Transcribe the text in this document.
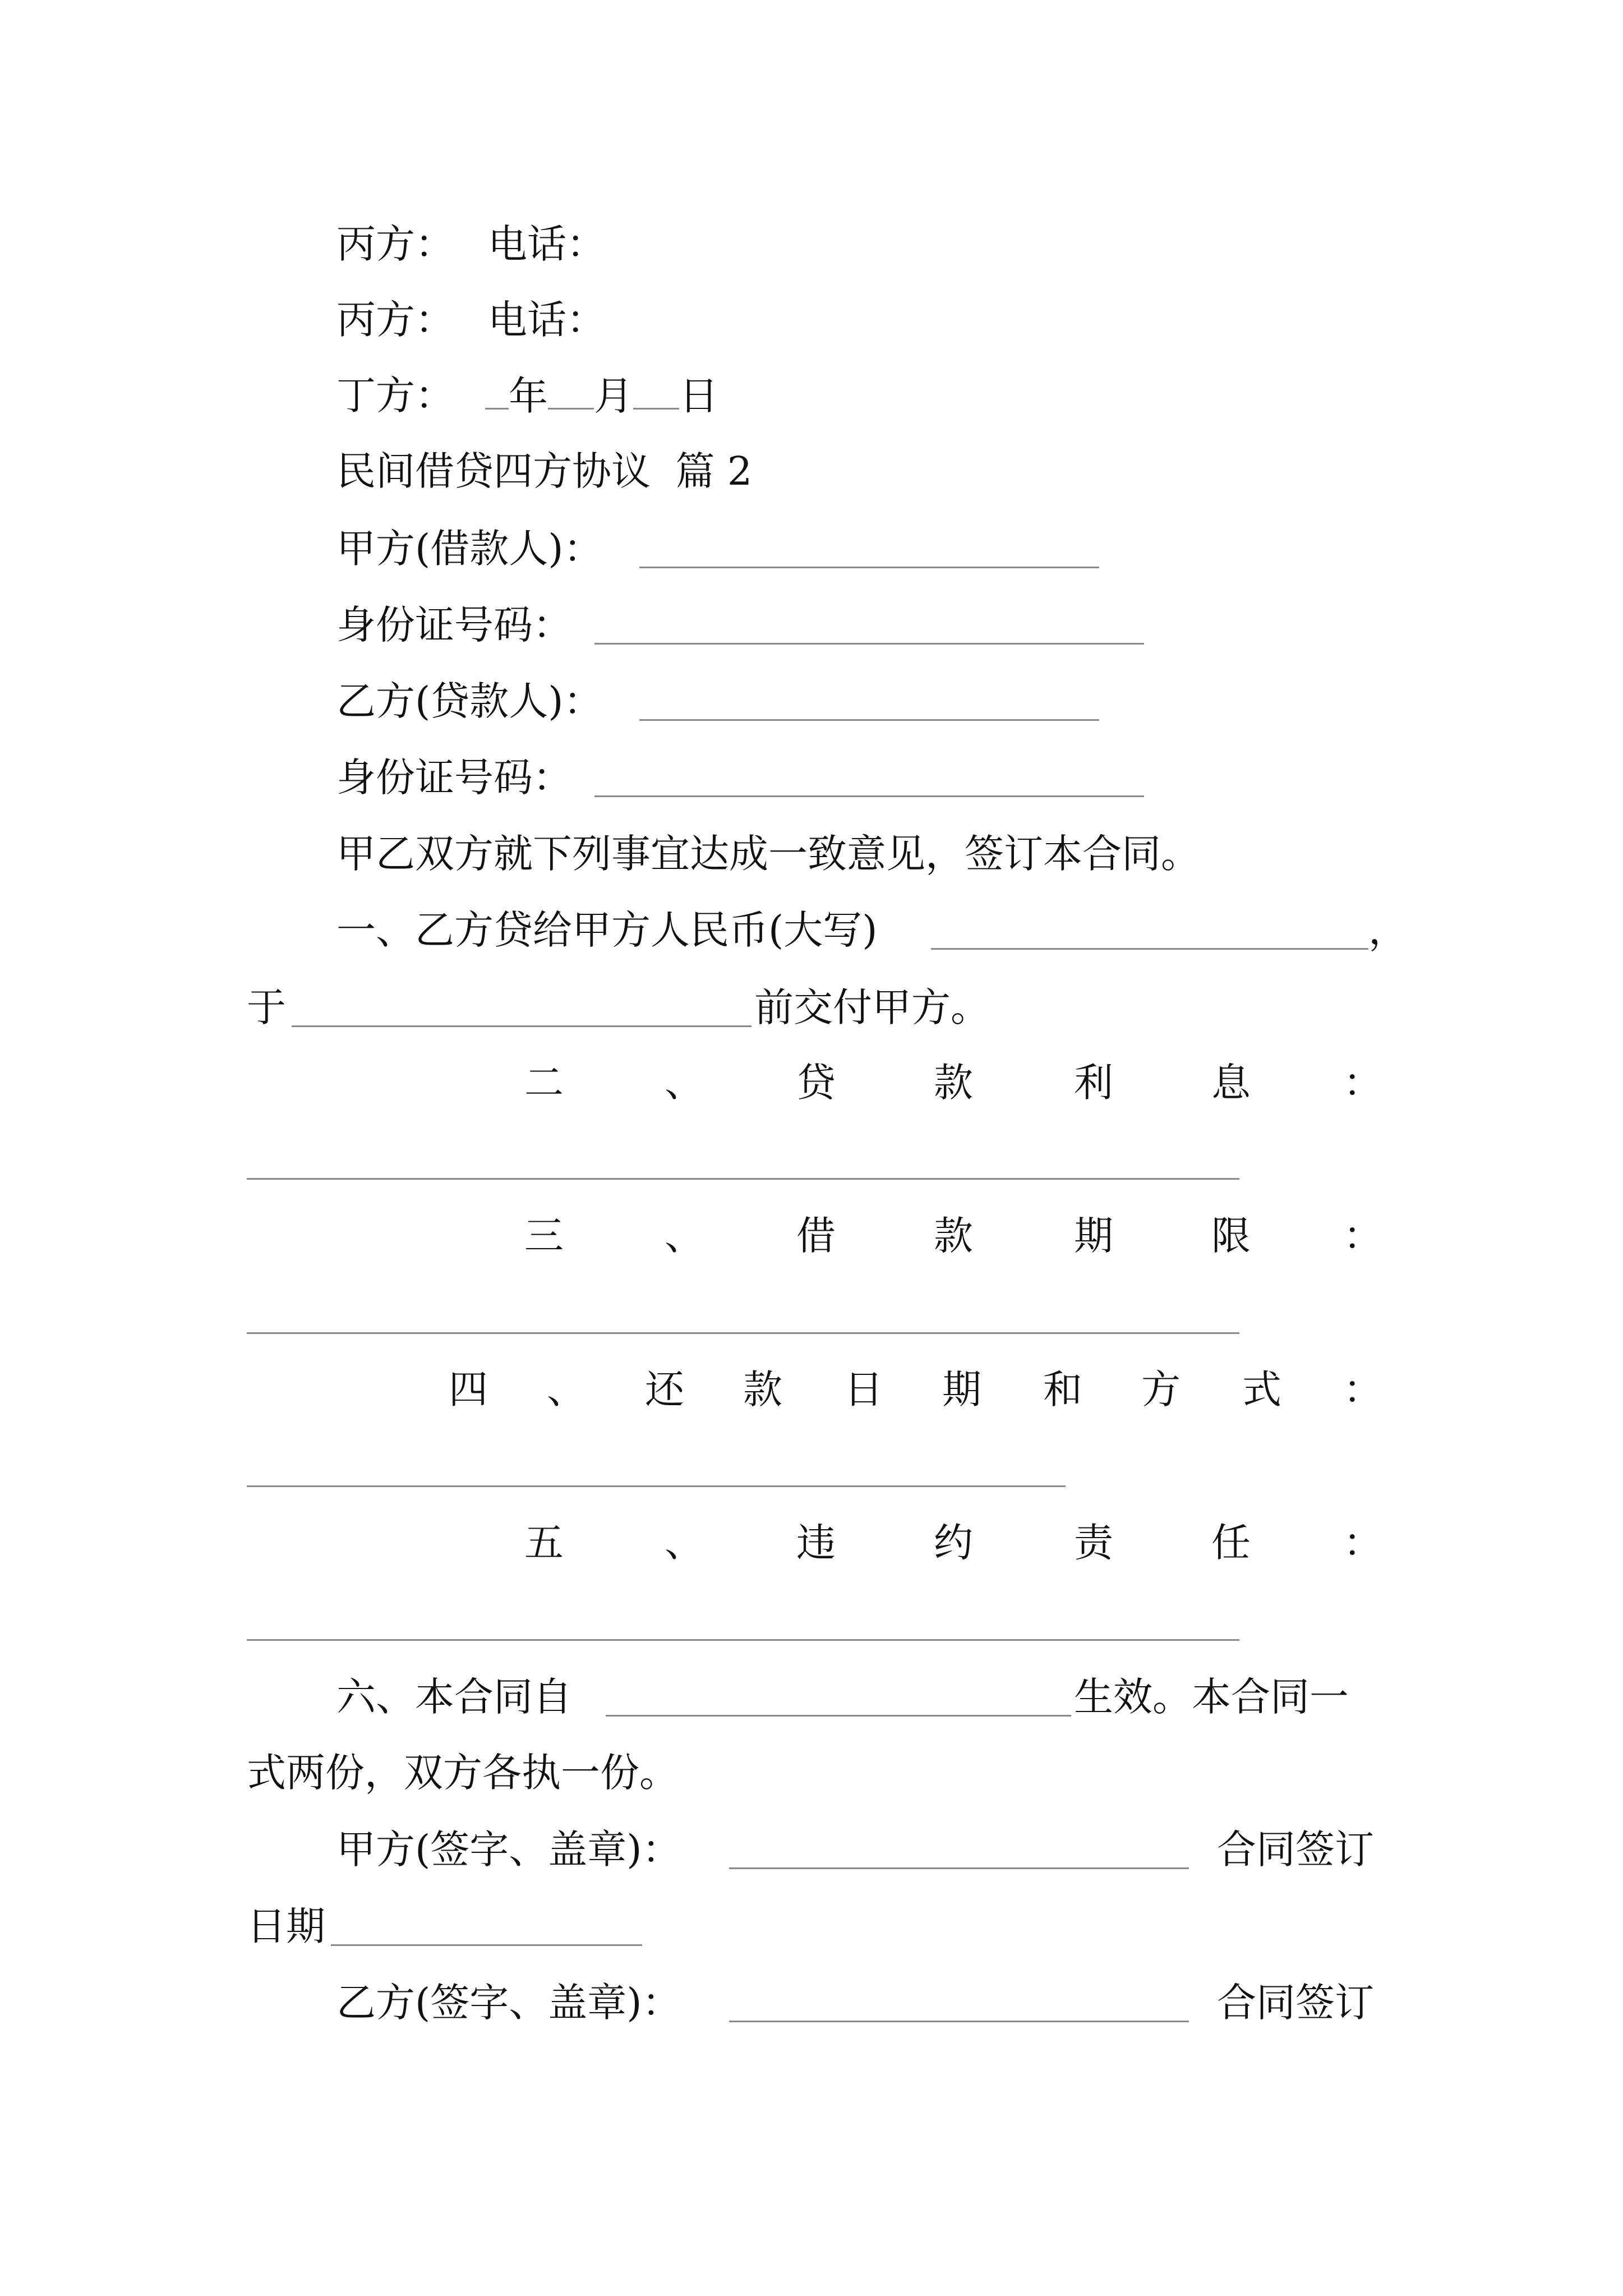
丙方： 电话：
丙方： 电话：
丁方：	年 月 日
民间借贷四方协议  篇 2
甲方(借款人)：
身份证号码：
乙方(贷款人)：
身份证号码：
甲乙双方就下列事宜达成一致意见，签订本合同。
一、乙方贷给甲方人民币(大写)	，
于	前交付甲方。
二	、 贷	款	利	息 ：
三	、 借	款	期	限 ：
四 、 还 款 日 期 和 方 式 ：
五	、 违	约	责	任 ：
六、本合同自	生效。本合同一
式两份，双方各执一份。
甲方(签字、盖章)：	合同签订
日期
乙方(签字、盖章)：	合同签订
